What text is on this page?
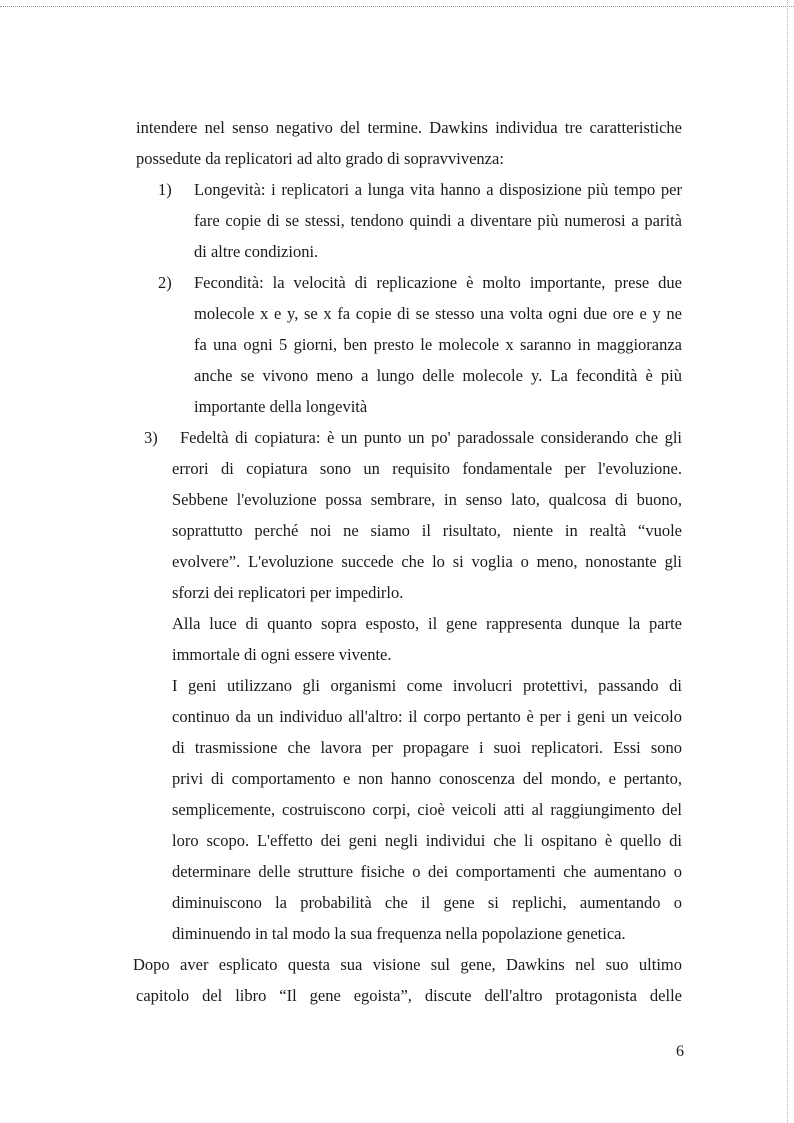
intendere nel senso negativo del termine. Dawkins individua tre caratteristiche
possedute da replicatori ad alto grado di sopravvivenza:
1) Longevità: i replicatori a lunga vita hanno a disposizione più tempo per
fare copie di se stessi, tendono quindi a diventare più numerosi a parità
di altre condizioni.
2) Fecondità: la velocità di replicazione è molto importante, prese due
molecole x e y, se x fa copie di se stesso una volta ogni due ore e y ne
fa una ogni 5 giorni, ben presto le molecole x saranno in maggioranza
anche se vivono meno a lungo delle molecole y. La fecondità è più
importante della longevità
3) Fedeltà di copiatura: è un punto un po' paradossale considerando che gli
errori di copiatura sono un requisito fondamentale per l'evoluzione.
Sebbene l'evoluzione possa sembrare, in senso lato, qualcosa di buono,
soprattutto perché noi ne siamo il risultato, niente in realtà “vuole
evolvere”. L'evoluzione succede che lo si voglia o meno, nonostante gli
sforzi dei replicatori per impedirlo.
Alla luce di quanto sopra esposto, il gene rappresenta dunque la parte
immortale di ogni essere vivente.
I geni utilizzano gli organismi come involucri protettivi, passando di
continuo da un individuo all'altro: il corpo pertanto è per i geni un veicolo
di trasmissione che lavora per propagare i suoi replicatori. Essi sono
privi di comportamento e non hanno conoscenza del mondo, e pertanto,
semplicemente, costruiscono corpi, cioè veicoli atti al raggiungimento del
loro scopo. L'effetto dei geni negli individui che li ospitano è quello di
determinare delle strutture fisiche o dei comportamenti che aumentano o
diminuiscono la probabilità che il gene si replichi, aumentando o
diminuendo in tal modo la sua frequenza nella popolazione genetica.
Dopo aver esplicato questa sua visione sul gene, Dawkins nel suo ultimo
capitolo del libro “Il gene egoista”, discute dell'altro protagonista delle
6
